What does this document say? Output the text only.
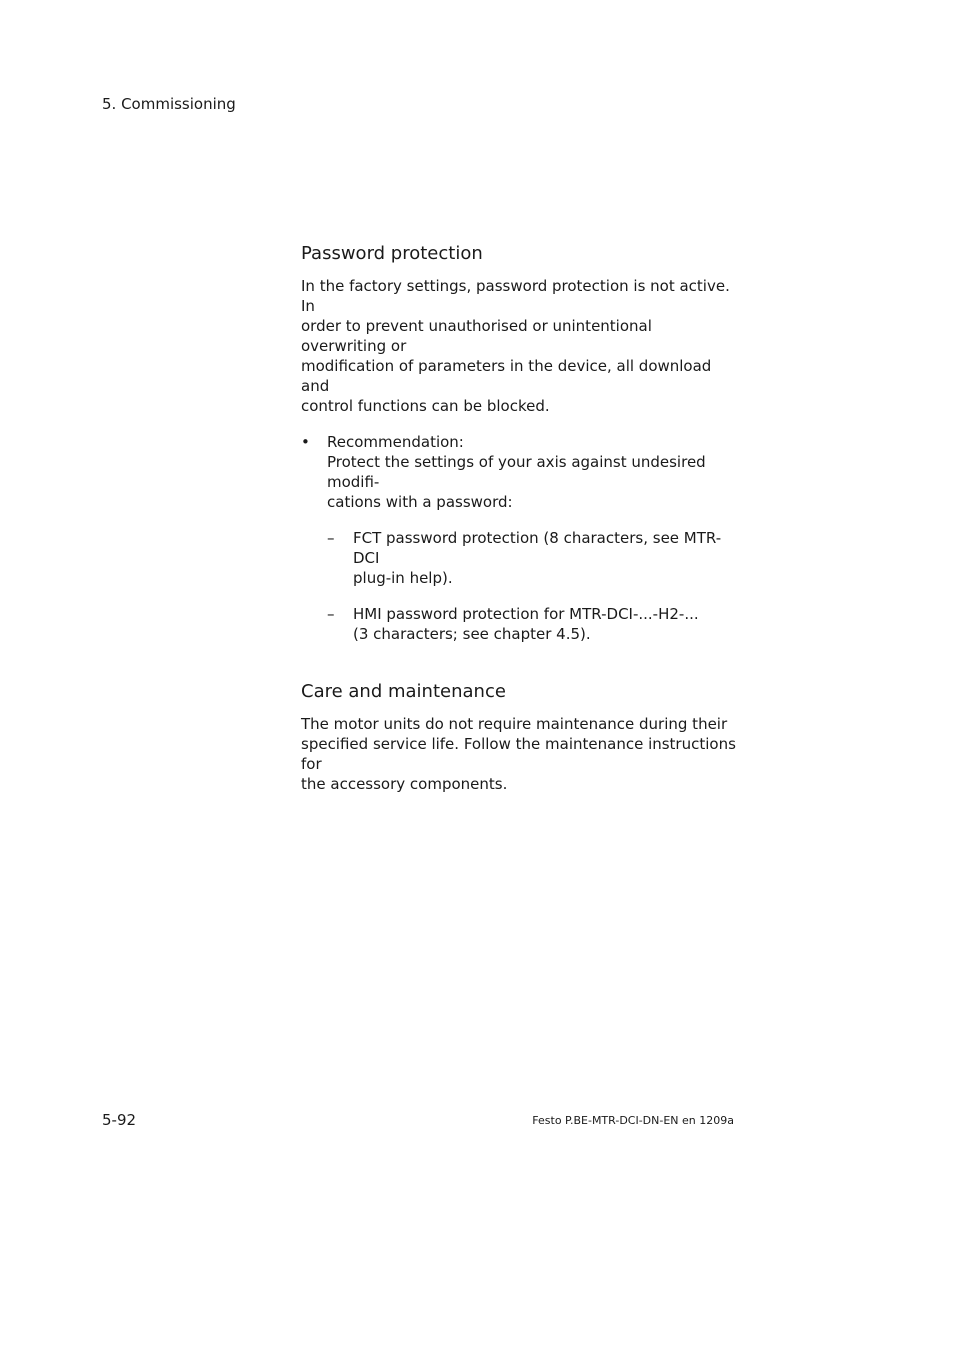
5. Commissioning
Password protection

In the factory settings, password protection is not active. In
order to prevent unauthorised or unintentional overwriting or
modification of parameters in the device, all download and
control functions can be blocked.

• Recommendation:
Protect the settings of your axis against undesired modifi-
cations with a password:
– FCT password protection (8 characters, see MTR-DCI
plug-in help).
– HMI password protection for MTR-DCI-...-H2-...
(3 characters; see chapter 4.5).
Care and maintenance

The motor units do not require maintenance during their
specified service life. Follow the maintenance instructions for
the accessory components.

5-92	Festo P.BE-MTR-DCI-DN-EN en 1209a
